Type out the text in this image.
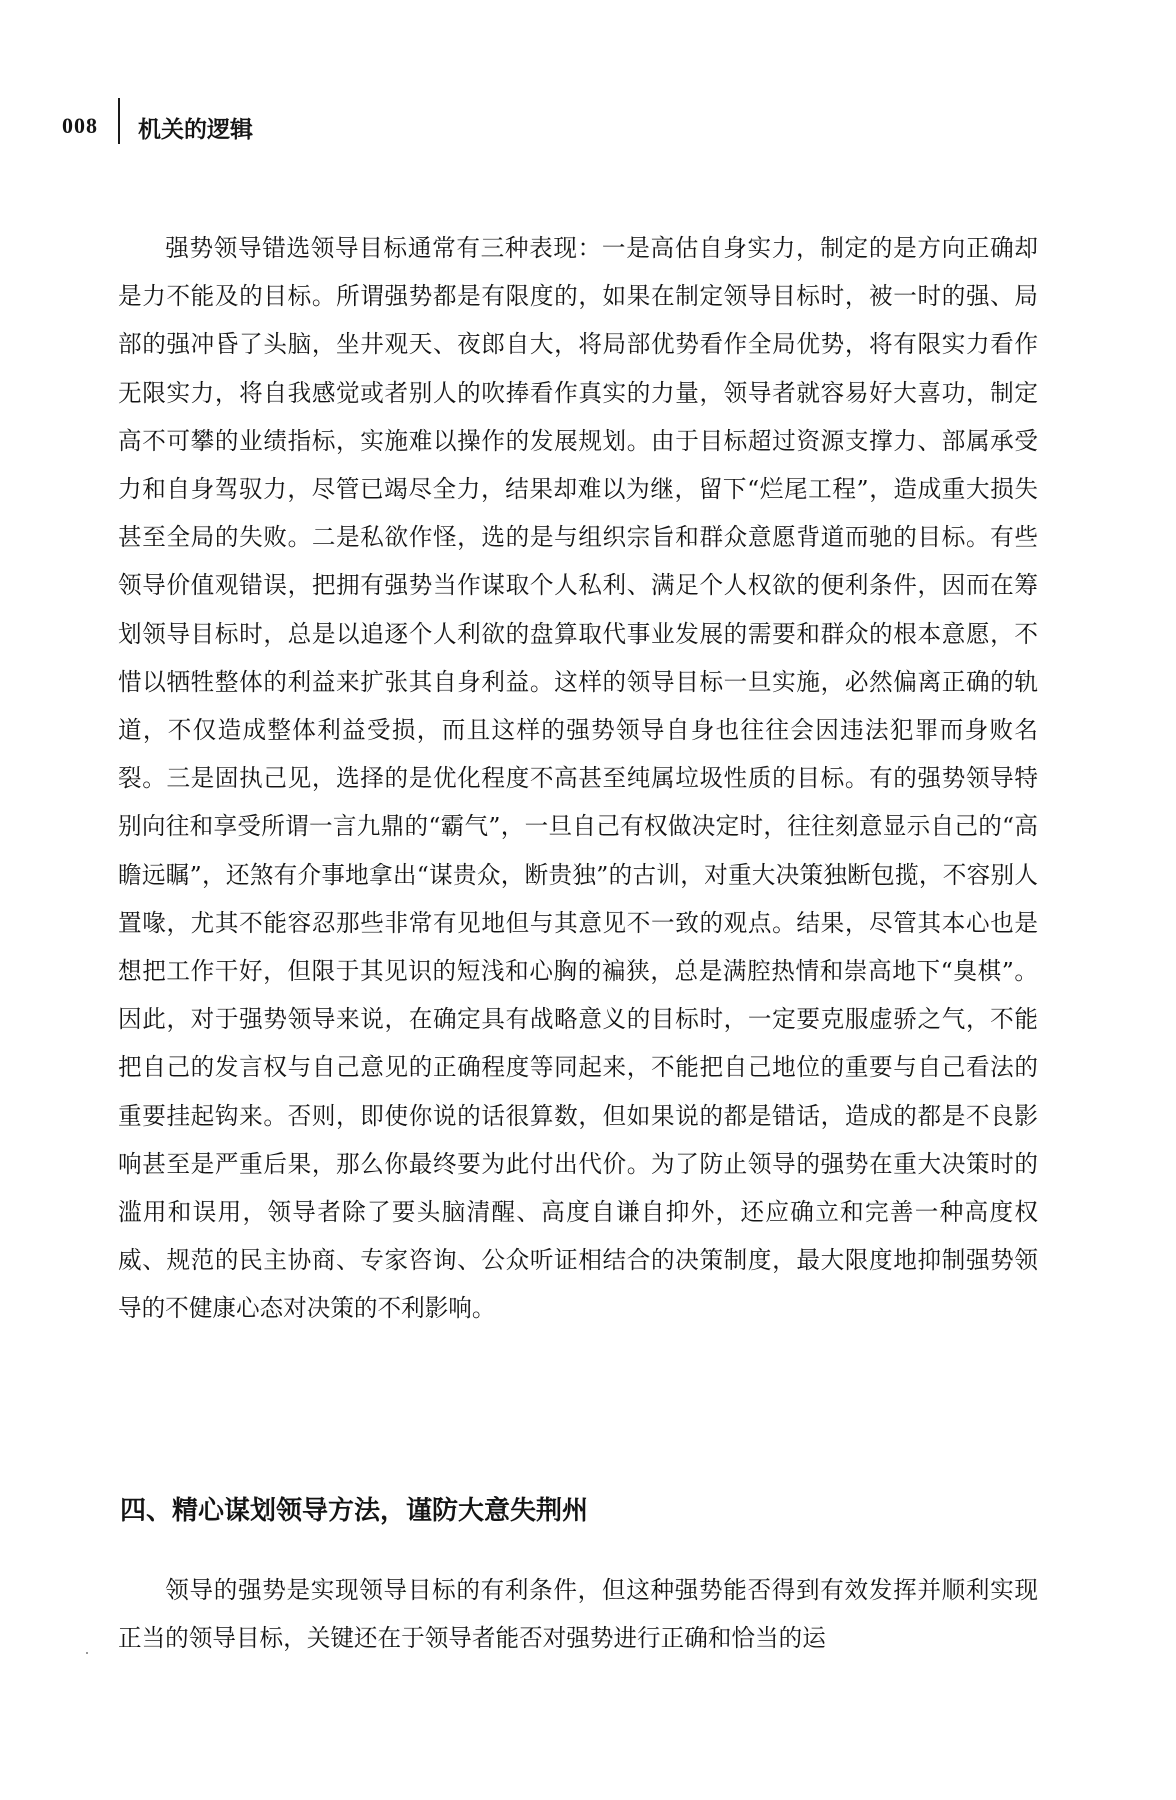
008 机关的逻辑

强势领导错选领导目标通常有三种表现：一是高估自身实力，制定的是方向正确却是力不能及的目标。所谓强势都是有限度的，如果在制定领导目标时，被一时的强、局部的强冲昏了头脑，坐井观天、夜郎自大，将局部优势看作全局优势，将有限实力看作无限实力，将自我感觉或者别人的吹捧看作真实的力量，领导者就容易好大喜功，制定高不可攀的业绩指标，实施难以操作的发展规划。由于目标超过资源支撑力、部属承受力和自身驾驭力，尽管已竭尽全力，结果却难以为继，留下“烂尾工程”，造成重大损失甚至全局的失败。二是私欲作怪，选的是与组织宗旨和群众意愿背道而驰的目标。有些领导价值观错误，把拥有强势当作谋取个人私利、满足个人权欲的便利条件，因而在筹划领导目标时，总是以追逐个人利欲的盘算取代事业发展的需要和群众的根本意愿，不惜以牺牲整体的利益来扩张其自身利益。这样的领导目标一旦实施，必然偏离正确的轨道，不仅造成整体利益受损，而且这样的强势领导自身也往往会因违法犯罪而身败名裂。三是固执己见，选择的是优化程度不高甚至纯属垃圾性质的目标。有的强势领导特别向往和享受所谓一言九鼎的“霸气”，一旦自己有权做决定时，往往刻意显示自己的“高瞻远瞩”，还煞有介事地拿出“谋贵众，断贵独”的古训，对重大决策独断包揽，不容别人置喙，尤其不能容忍那些非常有见地但与其意见不一致的观点。结果，尽管其本心也是想把工作干好，但限于其见识的短浅和心胸的褊狭，总是满腔热情和崇高地下“臭棋”。因此，对于强势领导来说，在确定具有战略意义的目标时，一定要克服虚骄之气，不能把自己的发言权与自己意见的正确程度等同起来，不能把自己地位的重要与自己看法的重要挂起钩来。否则，即使你说的话很算数，但如果说的都是错话，造成的都是不良影响甚至是严重后果，那么你最终要为此付出代价。为了防止领导的强势在重大决策时的滥用和误用，领导者除了要头脑清醒、高度自谦自抑外，还应确立和完善一种高度权威、规范的民主协商、专家咨询、公众听证相结合的决策制度，最大限度地抑制强势领导的不健康心态对决策的不利影响。

四、精心谋划领导方法，谨防大意失荆州

领导的强势是实现领导目标的有利条件，但这种强势能否得到有效发挥并顺利实现正当的领导目标，关键还在于领导者能否对强势进行正确和恰当的运
